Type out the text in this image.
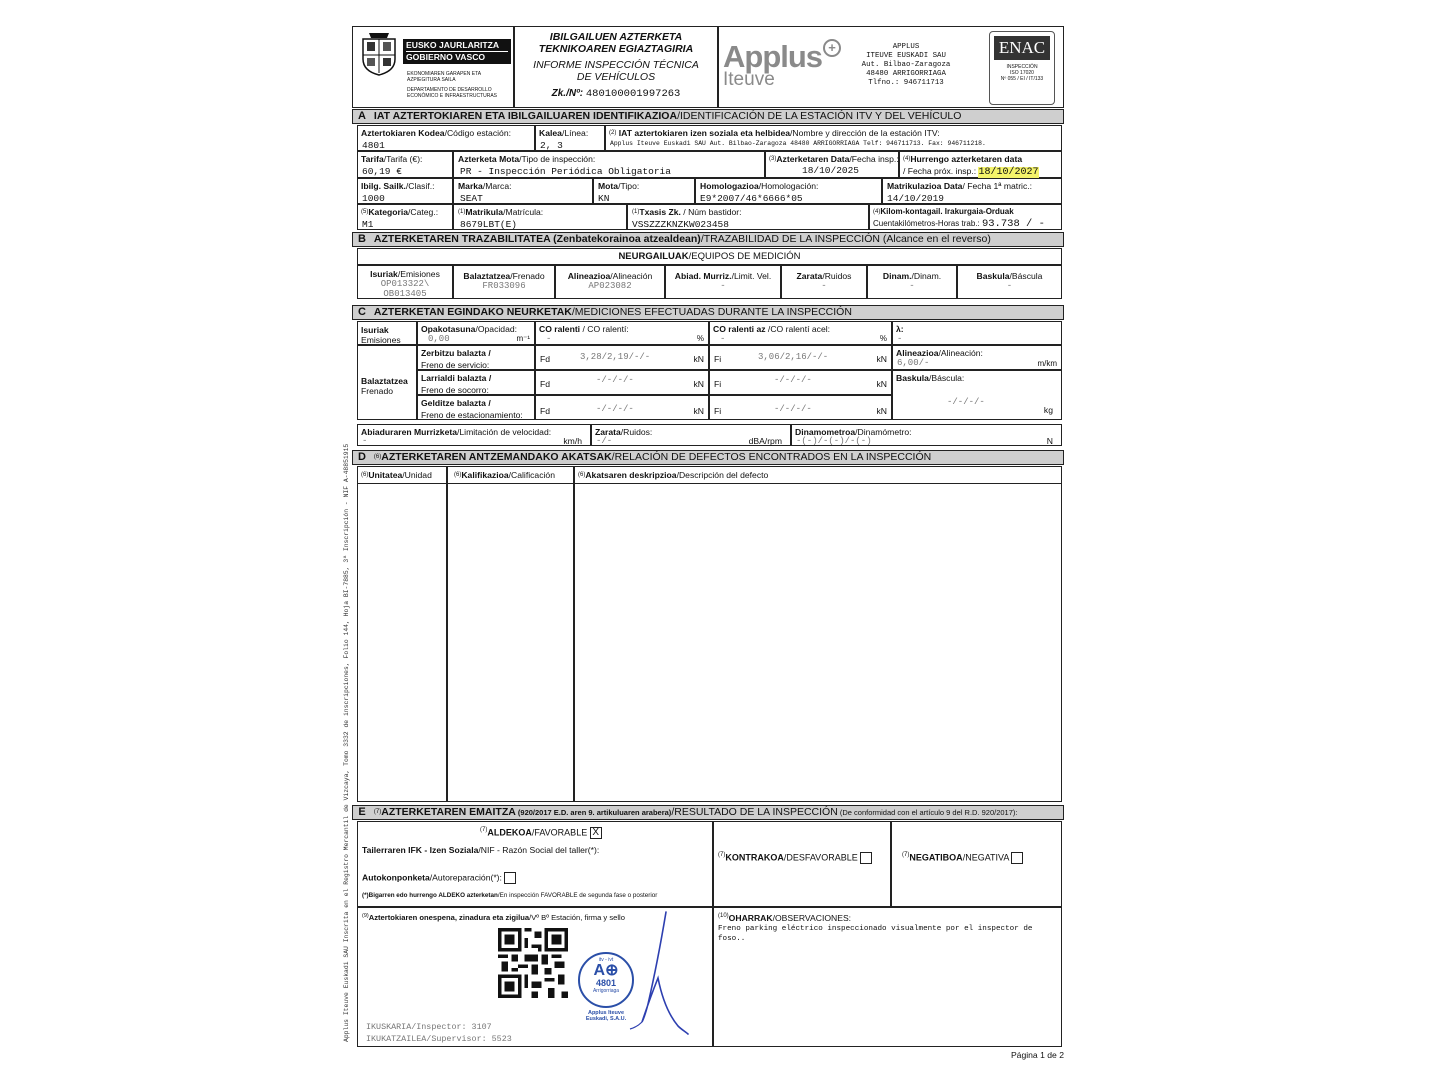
Applus Iteuve Euskadi SAU Inscrita en el Registro Mercantil de Vizcaya, Tomo 3332 de inscripciones, Folio 144, Hoja BI-7885, 3ª Inscripción - NIF A-48851915
EUSKO JAURLARITZA
GOBIERNO VASCO
EKONOMIAREN GARAPEN ETA AZPIEGITURA SAILA
DEPARTAMENTO DE DESARROLLO ECONÓMICO E INFRAESTRUCTURAS
IBILGAILUEN AZTERKETA
TEKNIKOAREN EGIAZTAGIRIA
INFORME INSPECCIÓN TÉCNICA
DE VEHÍCULOS
Zk./Nº: 480100001997263
Applus +
Iteuve
APPLUS
ITEUVE EUSKADI SAU
Aut. Bilbao-Zaragoza
48480 ARRIGORRIAGA
Tlfno.: 946711713
ENAC
INSPECCIÓN
ISO 17020
Nº 055 / EI / IT/133
A IAT AZTERTOKIAREN ETA IBILGAILUAREN IDENTIFIKAZIOA/IDENTIFICACIÓN DE LA ESTACIÓN ITV Y DEL VEHÍCULO
Aztertokiaren Kodea/Código estación:
4801
Kalea/Línea:
2, 3
$^{(2)}$ IAT aztertokiaren izen soziala eta helbidea/Nombre y dirección de la estación ITV:
Applus Iteuve Euskadi SAU Aut. Bilbao-Zaragoza 48480 ARRIGORRIAGA Telf: 946711713. Fax: 946711218.
Tarifa/Tarifa (€):
60,19 €
Azterketa Mota/Tipo de inspección:
PR - Inspección Periódica Obligatoria
$^{(3)}$Azterketaren Data/Fecha insp.:
18/10/2025
$^{(4)}$Hurrengo azterketaren data
/ Fecha próx. insp.: 18/10/2027
Ibilg. Sailk./Clasif.:
1000
Marka/Marca:
SEAT
Mota/Tipo:
KN
Homologazioa/Homologación:
E9*2007/46*6666*05
Matrikulazioa Data/ Fecha 1ª matric.:
14/10/2019
$^{(5)}$Kategoria/Categ.:
M1
$^{(1)}$Matrikula/Matrícula:
8679LBT(E)
$^{(1)}$Txasis Zk. / Núm bastidor:
VSSZZZKNZKW023458
$^{(4)}$Kilom-kontagail. Irakurgaia-Orduak
Cuentakilómetros-Horas trab.: 93.738 / -
B AZTERKETAREN TRAZABILITATEA (Zenbatekorainoa atzealdean)/TRAZABILIDAD DE LA INSPECCIÓN (Alcance en el reverso)
NEURGAILUAK/EQUIPOS DE MEDICIÓN
Isuriak/Emisiones
OP013322\ OB013405
Balaztatzea/Frenado
FR033096
Alineazioa/Alineación
AP023082
Abiad. Murriz./Limit. Vel.
-
Zarata/Ruidos
-
Dinam./Dinam.
-
Baskula/Báscula
-
C AZTERKETAN EGINDAKO NEURKETAK/MEDICIONES EFECTUADAS DURANTE LA INSPECCIÓN
Isuriak
Emisiones
Opakotasuna/Opacidad:
0,00	m⁻¹
CO ralenti / CO ralentí:
-	%
CO ralenti az /CO ralentí acel:
-	%
λ:
-
Balaztatzea
Frenado
Zerbitzu balazta /
Freno de servicio:
Fd	3,28/2,19/-/-	kN Fi	3,06/2,16/-/-	kN
Alineazioa/Alineación:
6,00/-	m/km
Larrialdi balazta /
Freno de socorro:
Fd	-/-/-/-	kN Fi	-/-/-/-	kN
Baskula/Báscula:
-/-/-/-
kg
Gelditze balazta /
Freno de estacionamiento:	Fd	-/-/-/-	kN Fi	-/-/-/-	kN
Abiaduraren Murrizketa/Limitación de velocidad:
-	km/h
Zarata/Ruidos:
-/-	dBA/rpm
Dinamometroa/Dinamómetro:
-(-)/-(-)/-(-)	N
D $^{(6)}$AZTERKETAREN ANTZEMANDAKO AKATSAK/RELACIÓN DE DEFECTOS ENCONTRADOS EN LA INSPECCIÓN
$^{(6)}$Unitatea/Unidad	$^{(6)}$Kalifikazioa/Calificación	$^{(6)}$Akatsaren deskripzioa/Descripción del defecto
E $^{(7)}$AZTERKETAREN EMAITZA (920/2017 E.D. aren 9. artikuluaren arabera)/RESULTADO DE LA INSPECCIÓN (De conformidad con el artículo 9 del R.D. 920/2017):
$^{(7)}$ALDEKOA/FAVORABLE X
Tailerraren IFK - Izen Soziala/NIF - Razón Social del taller(*):
Autokonponketa/Autoreparación(*):
(*)Bigarren edo hurrengo ALDEKO azterketan/En inspección FAVORABLE de segunda fase o posterior
$^{(7)}$KONTRAKOA/DESFAVORABLE	$^{(7)}$NEGATIBOA/NEGATIVA
$^{(9)}$Aztertokiaren onespena, zinadura eta zigilua/Vº Bº Estación, firma y sello
itv - ivt
A⊕
4801
Arrigorriaga
Applus Iteuve
Euskadi, S.A.U.
IKUSKARIA/Inspector: 3107
IKUKATZAILEA/Supervisor: 5523
$^{(10)}$OHARRAK/OBSERVACIONES:
Freno parking eléctrico inspeccionado visualmente por el inspector de
foso..
Página 1 de 2
